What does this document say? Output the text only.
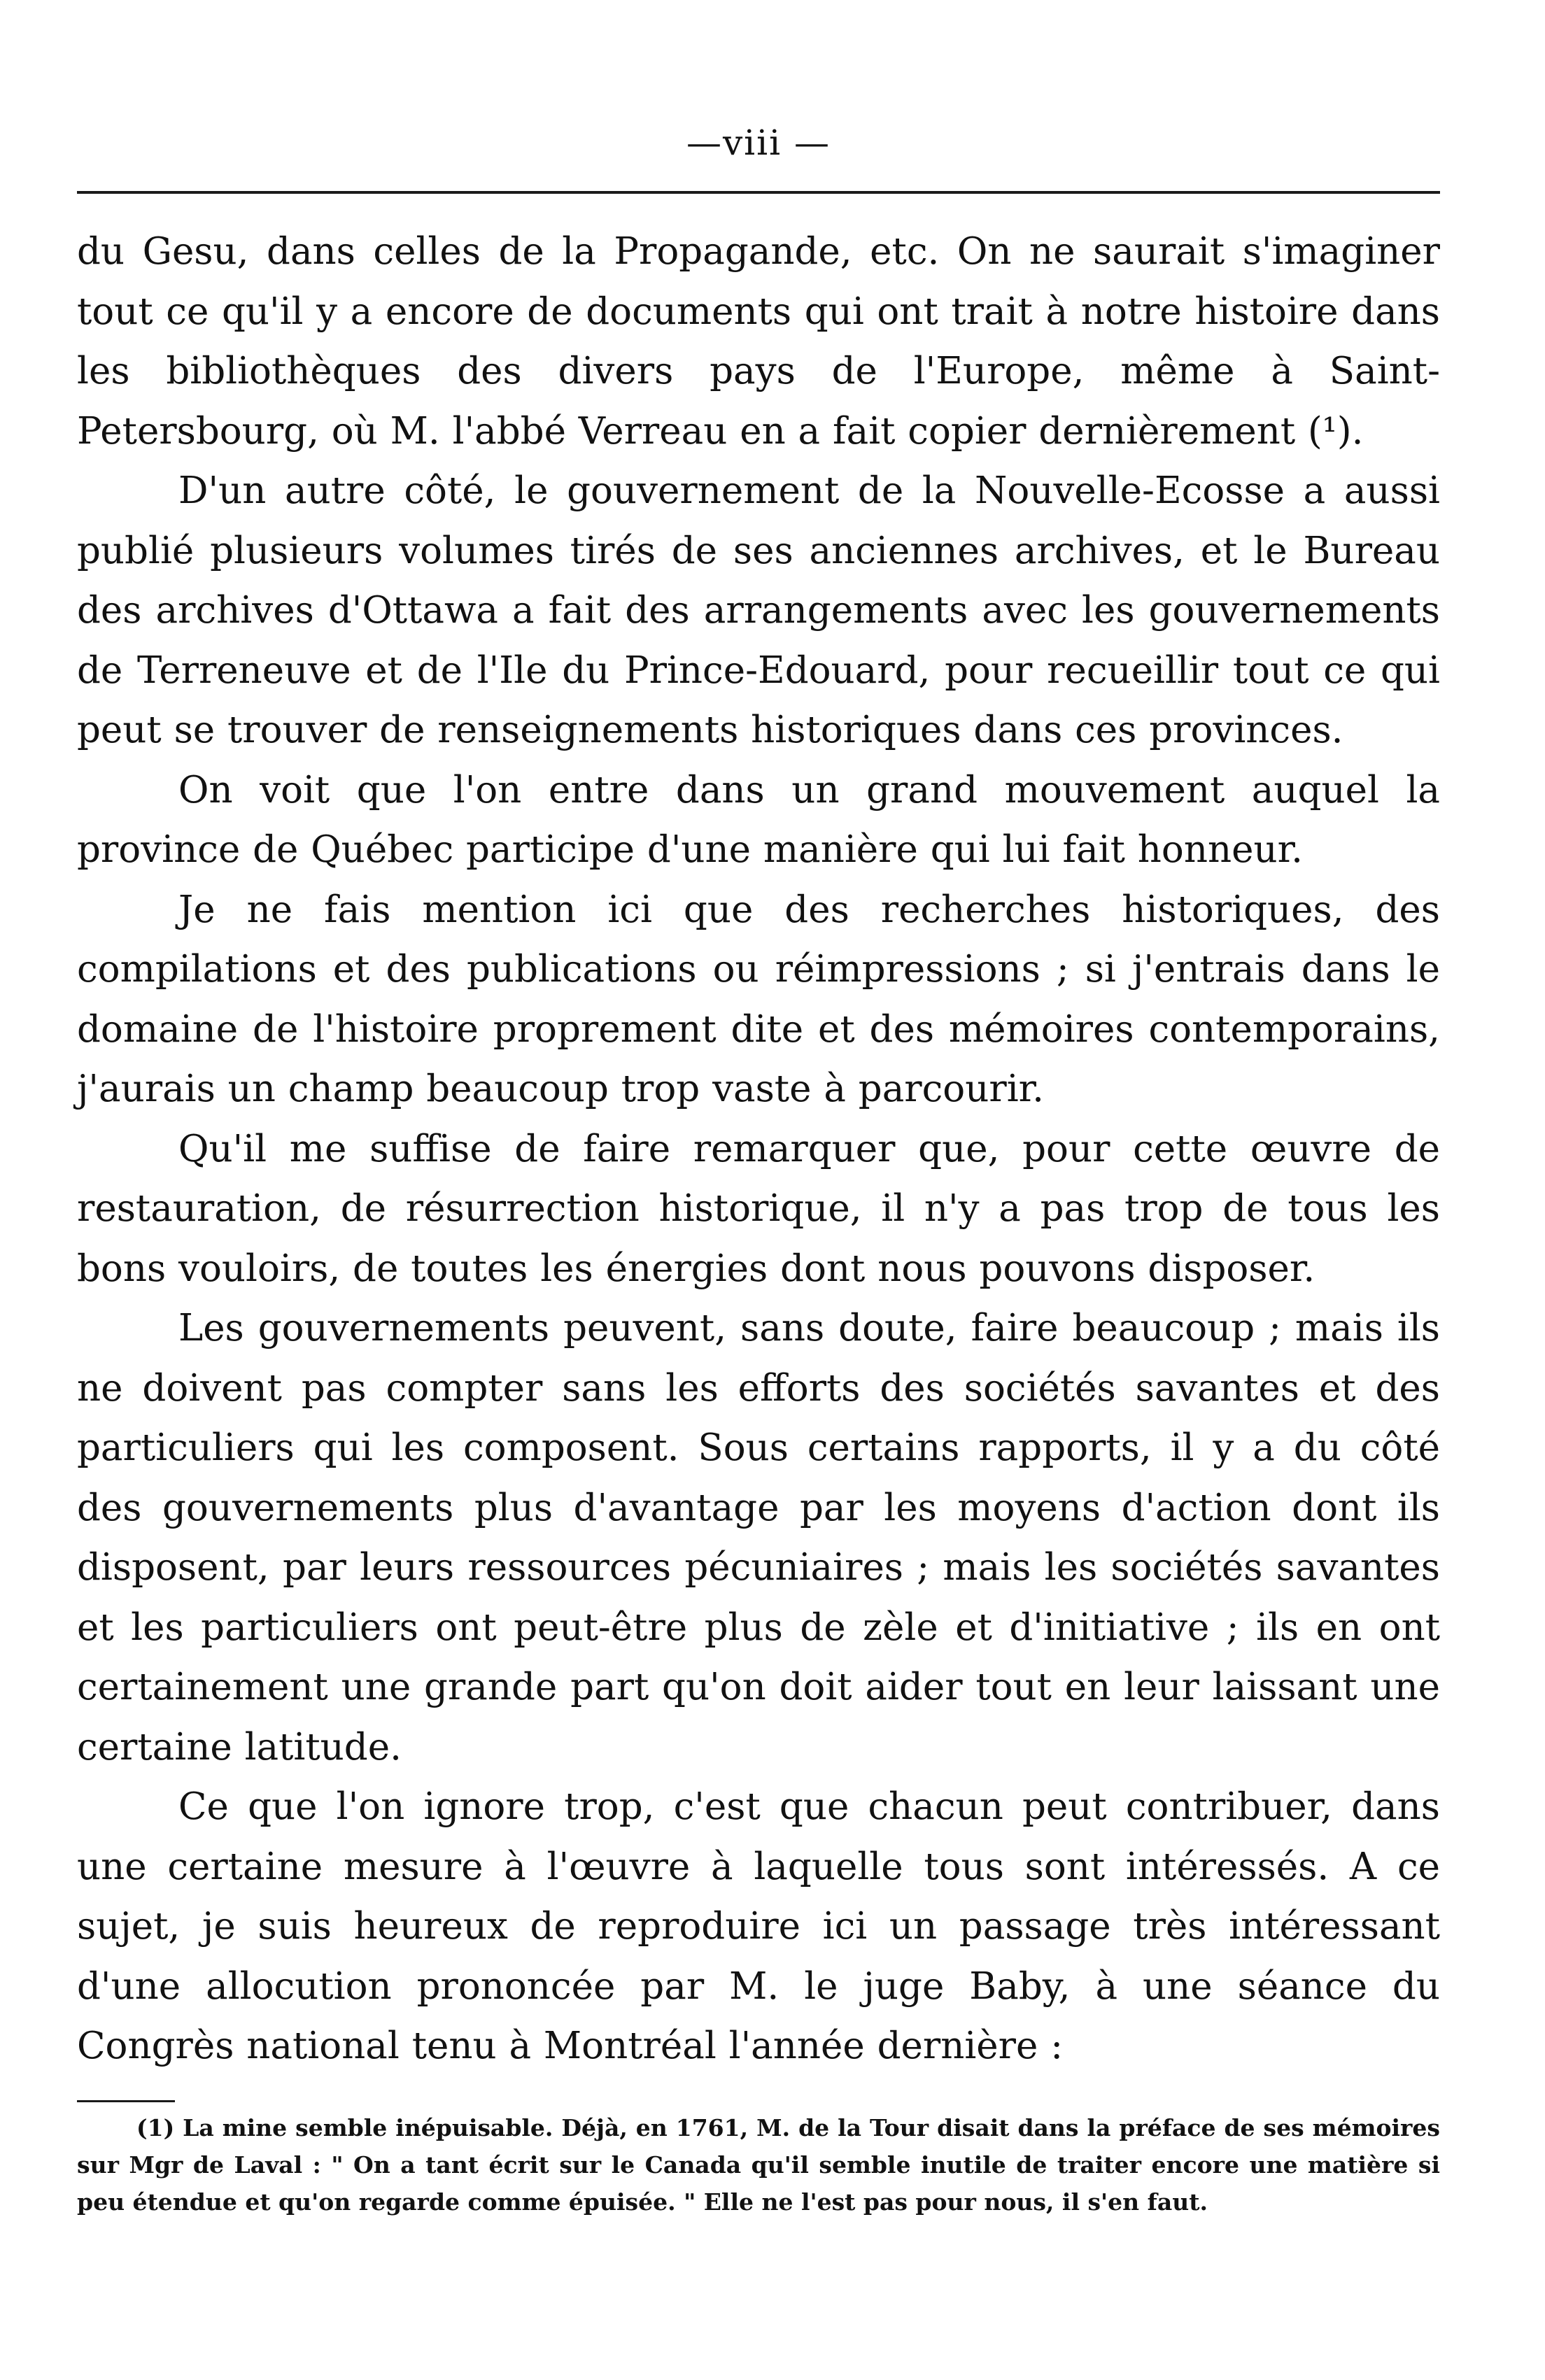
—viii —

du Gesu, dans celles de la Propagande, etc. On ne saurait s'imaginer tout ce qu'il y a encore de documents qui ont trait à notre histoire dans les bibliothèques des divers pays de l'Europe, même à Saint-Petersbourg, où M. l'abbé Verreau en a fait copier dernièrement (¹).

D'un autre côté, le gouvernement de la Nouvelle-Ecosse a aussi publié plusieurs volumes tirés de ses anciennes archives, et le Bureau des archives d'Ottawa a fait des arrangements avec les gouvernements de Terreneuve et de l'Ile du Prince-Edouard, pour recueillir tout ce qui peut se trouver de renseignements historiques dans ces provinces.

On voit que l'on entre dans un grand mouvement auquel la province de Québec participe d'une manière qui lui fait honneur.

Je ne fais mention ici que des recherches historiques, des compilations et des publications ou réimpressions ; si j'entrais dans le domaine de l'histoire proprement dite et des mémoires contemporains, j'aurais un champ beaucoup trop vaste à parcourir.

Qu'il me suffise de faire remarquer que, pour cette œuvre de restauration, de résurrection historique, il n'y a pas trop de tous les bons vouloirs, de toutes les énergies dont nous pouvons disposer.

Les gouvernements peuvent, sans doute, faire beaucoup ; mais ils ne doivent pas compter sans les efforts des sociétés savantes et des particuliers qui les composent. Sous certains rapports, il y a du côté des gouvernements plus d'avantage par les moyens d'action dont ils disposent, par leurs ressources pécuniaires ; mais les sociétés savantes et les particuliers ont peut-être plus de zèle et d'initiative ; ils en ont certainement une grande part qu'on doit aider tout en leur laissant une certaine latitude.

Ce que l'on ignore trop, c'est que chacun peut contribuer, dans une certaine mesure à l'œuvre à laquelle tous sont intéressés. A ce sujet, je suis heureux de reproduire ici un passage très intéressant d'une allocution prononcée par M. le juge Baby, à une séance du Congrès national tenu à Montréal l'année dernière :

(1) La mine semble inépuisable. Déjà, en 1761, M. de la Tour disait dans la préface de ses mémoires sur Mgr de Laval : " On a tant écrit sur le Canada qu'il semble inutile de traiter encore une matière si peu étendue et qu'on regarde comme épuisée. " Elle ne l'est pas pour nous, il s'en faut.
